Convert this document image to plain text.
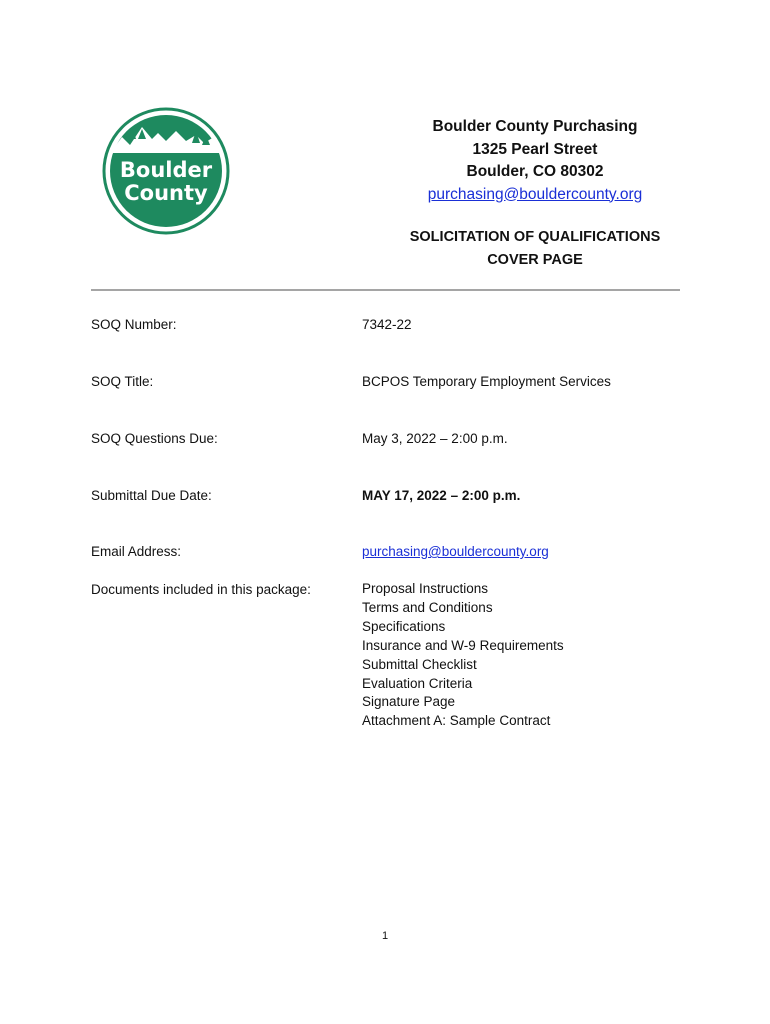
Boulder
County
Boulder County Purchasing
1325 Pearl Street
Boulder, CO 80302
purchasing@bouldercounty.org
SOLICITATION OF QUALIFICATIONS
COVER PAGE
SOQ Number:	7342-22
SOQ Title:	BCPOS Temporary Employment Services
SOQ Questions Due:	May 3, 2022 – 2:00 p.m.
Submittal Due Date:	MAY 17, 2022 – 2:00 p.m.
Email Address:	purchasing@bouldercounty.org
Documents included in this package:	Proposal Instructions
Terms and Conditions
Specifications
Insurance and W-9 Requirements
Submittal Checklist
Evaluation Criteria
Signature Page
Attachment A: Sample Contract
1
